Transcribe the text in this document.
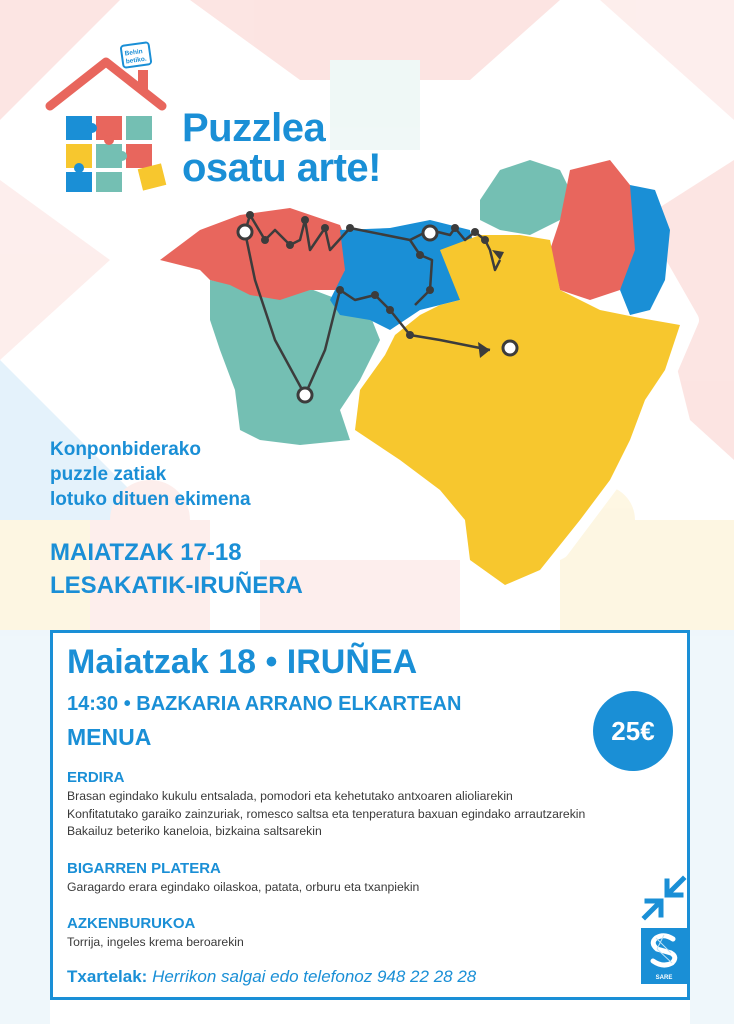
Behin
betiko.
Puzzlea
osatu arte!
Konponbiderako
puzzle zatiak
lotuko dituen ekimena
MAIATZAK 17-18
LESAKATIK-IRUÑERA
Maiatzak 18 • IRUÑEA
14:30 • BAZKARIA ARRANO ELKARTEAN
MENUA	25€
ERDIRA

Brasan egindako kukulu entsalada, pomodori eta kehetutako antxoaren alioliarekin

Konfitatutako garaiko zainzuriak, romesco saltsa eta tenperatura baxuan egindako arrautzarekin

Bakailuz beteriko kaneloia, bizkaina saltsarekin

BIGARREN PLATERA

Garagardo erara egindako oilaskoa, patata, orburu eta txanpiekin

AZKENBURUKOA

Torrija, ingeles krema beroarekin

Txartelak: Herrikon salgai edo telefonoz 948 22 28 28	SARE
